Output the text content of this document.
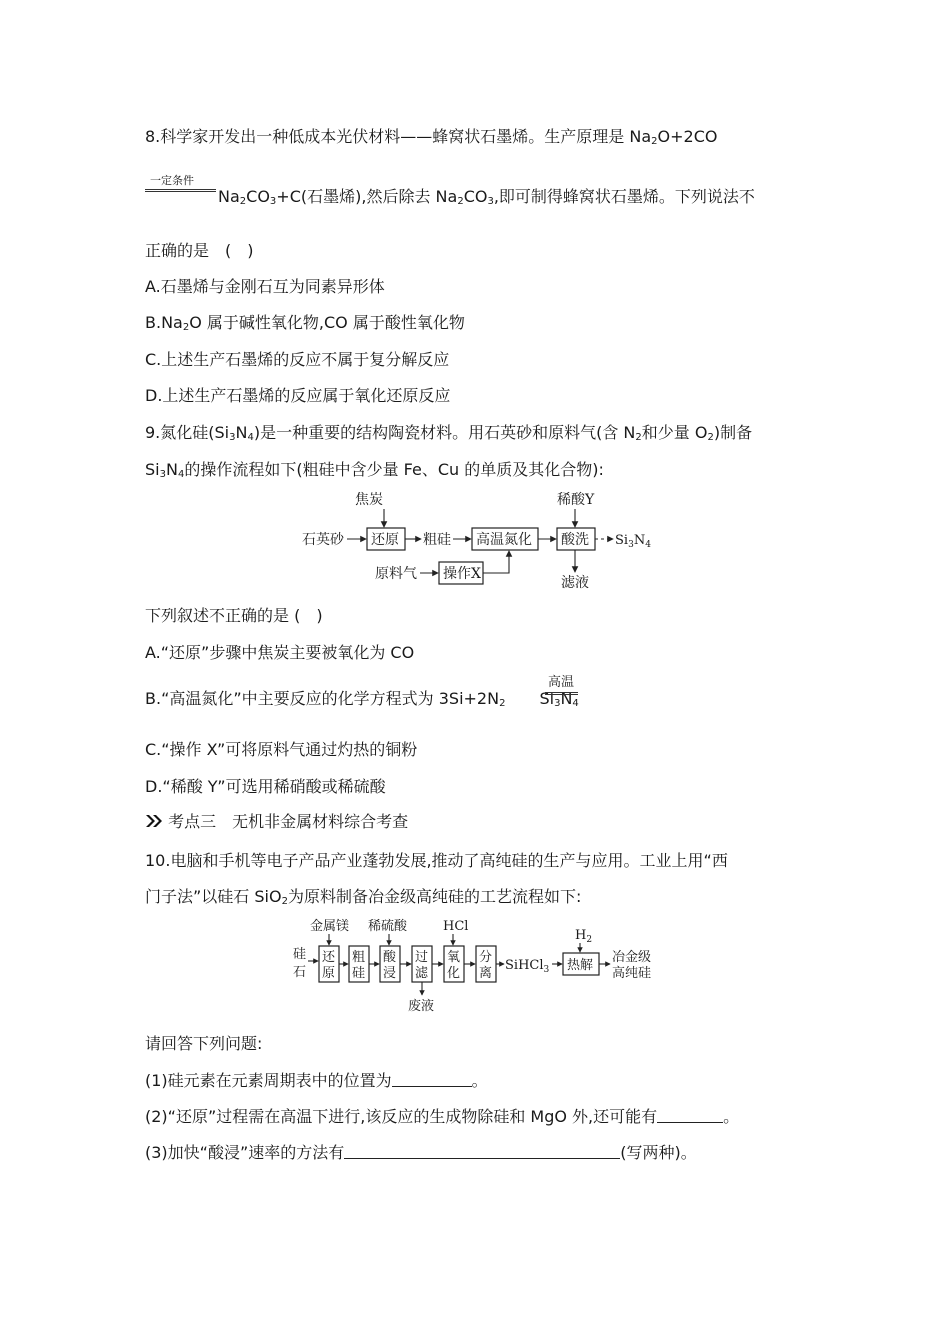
8.科学家开发出一种低成本光伏材料——蜂窝状石墨烯。生产原理是 $Na_2O+2CO$
一定条件
$Na_2CO_3+C$(石墨烯),然后除去 $Na_2CO_3$,即可制得蜂窝状石墨烯。下列说法不
正确的是　(　)
A.石墨烯与金刚石互为同素异形体
$B.Na_2O$ 属于碱性氧化物,CO 属于酸性氧化物
C.上述生产石墨烯的反应不属于复分解反应
D.上述生产石墨烯的反应属于氧化还原反应
9.氮化硅$(Si_3N_4)$是一种重要的结构陶瓷材料。用石英砂和原料气(含 $N_2$和少量 $O_2$)制备
$Si_3N_4$的操作流程如下(粗硅中含少量 Fe、Cu 的单质及其化合物):
焦炭	稀酸Y
石英砂 还原 粗硅 高温氮化 酸洗 $Si_3N_4$
滤液
原料气 操作X
下列叙述不正确的是 (　)
A.“还原”步骤中焦炭主要被氧化为 CO
B.“高温氮化”中主要反应的化学方程式为 $3Si+2N_2$ $Si_3N_4$
高温
C.“操作 X”可将原料气通过灼热的铜粉
D.“稀酸 Y”可选用稀硝酸或稀硫酸
考点三　无机非金属材料综合考查
10.电脑和手机等电子产品产业蓬勃发展,推动了高纯硅的生产与应用。工业上用“西
门子法”以硅石 SiO$_2$为原料制备冶金级高纯硅的工艺流程如下:
金属镁 稀硫酸	HCl
$H_2$
硅
石
还
原
粗
硅
酸
浸
过
滤
氧
化
分
离
SiHCl$_3$ 热解
冶金级
高纯硅
废液
请回答下列问题:
(1)硅元素在元素周期表中的位置为	。
(2)“还原”过程需在高温下进行,该反应的生成物除硅和 MgO 外,还可能有	。
(3)加快“酸浸”速率的方法有	(写两种)。
